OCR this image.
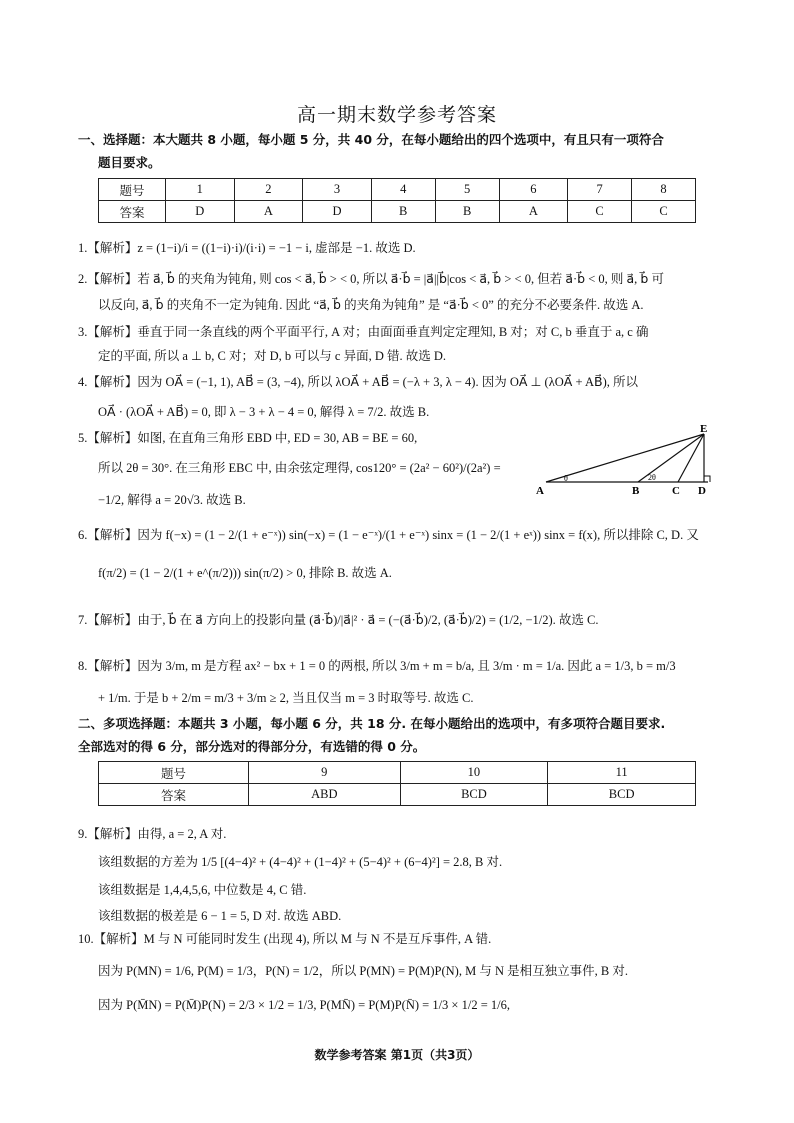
高一期末数学参考答案
一、选择题：本大题共 8 小题，每小题 5 分，共 40 分，在每小题给出的四个选项中，有且只有一项符合
题目要求。
题号	1	2	3	4	5	6	7	8
答案	D	A	D	B	B	A	C	C
1.【解析】z = (1−i)/i = ((1−i)·i)/(i·i) = −1 − i, 虚部是 −1. 故选 D.
2.【解析】若 a⃗, b⃗ 的夹角为钝角, 则 cos < a⃗, b⃗ > < 0, 所以 a⃗·b⃗ = |a⃗||b⃗|cos < a⃗, b⃗ > < 0, 但若 a⃗·b⃗ < 0, 则 a⃗, b⃗ 可
以反向, a⃗, b⃗ 的夹角不一定为钝角. 因此 “a⃗, b⃗ 的夹角为钝角” 是 “a⃗·b⃗ < 0” 的充分不必要条件. 故选 A.
3.【解析】垂直于同一条直线的两个平面平行, A 对；由面面垂直判定定理知, B 对；对 C, b 垂直于 a, c 确
定的平面, 所以 a ⊥ b, C 对；对 D, b 可以与 c 异面, D 错. 故选 D.
4.【解析】因为 OA⃗ = (−1, 1), AB⃗ = (3, −4), 所以 λOA⃗ + AB⃗ = (−λ + 3, λ − 4). 因为 OA⃗ ⊥ (λOA⃗ + AB⃗), 所以
OA⃗ · (λOA⃗ + AB⃗) = 0, 即 λ − 3 + λ − 4 = 0, 解得 λ = 7/2. 故选 B.
5.【解析】如图, 在直角三角形 EBD 中, ED = 30, AB = BE = 60,
所以 2θ = 30°. 在三角形 EBC 中, 由余弦定理得, cos120° = (2a² − 60²)/(2a²) =
−1/2, 解得 a = 20√3. 故选 B.
E
A
θ
B
2θ
C D
6.【解析】因为 f(−x) = (1 − 2/(1 + e⁻ˣ)) sin(−x) = (1 − e⁻ˣ)/(1 + e⁻ˣ) sinx = (1 − 2/(1 + eˣ)) sinx = f(x), 所以排除 C, D. 又
f(π/2) = (1 − 2/(1 + e^(π/2))) sin(π/2) > 0, 排除 B. 故选 A.
7.【解析】由于, b⃗ 在 a⃗ 方向上的投影向量 (a⃗·b⃗)/|a⃗|² · a⃗ = (−(a⃗·b⃗)/2, (a⃗·b⃗)/2) = (1/2, −1/2). 故选 C.
8.【解析】因为 3/m, m 是方程 ax² − bx + 1 = 0 的两根, 所以 3/m + m = b/a, 且 3/m · m = 1/a. 因此 a = 1/3, b = m/3
+ 1/m. 于是 b + 2/m = m/3 + 3/m ≥ 2, 当且仅当 m = 3 时取等号. 故选 C.
二、多项选择题：本题共 3 小题，每小题 6 分，共 18 分. 在每小题给出的选项中，有多项符合题目要求.
全部选对的得 6 分，部分选对的得部分分，有选错的得 0 分。
题号	9	10	11
答案	ABD	BCD	BCD
9.【解析】由得, a = 2, A 对.
该组数据的方差为 1/5 [(4−4)² + (4−4)² + (1−4)² + (5−4)² + (6−4)²] = 2.8, B 对.
该组数据是 1,4,4,5,6, 中位数是 4, C 错.
该组数据的极差是 6 − 1 = 5, D 对. 故选 ABD.
10.【解析】M 与 N 可能同时发生 (出现 4), 所以 M 与 N 不是互斥事件, A 错.
因为 P(MN) = 1/6, P(M) = 1/3，P(N) = 1/2，所以 P(MN) = P(M)P(N), M 与 N 是相互独立事件, B 对.
因为 P(M̄N) = P(M̄)P(N) = 2/3 × 1/2 = 1/3, P(MN̄) = P(M)P(N̄) = 1/3 × 1/2 = 1/6,
数学参考答案 第1页（共3页）
